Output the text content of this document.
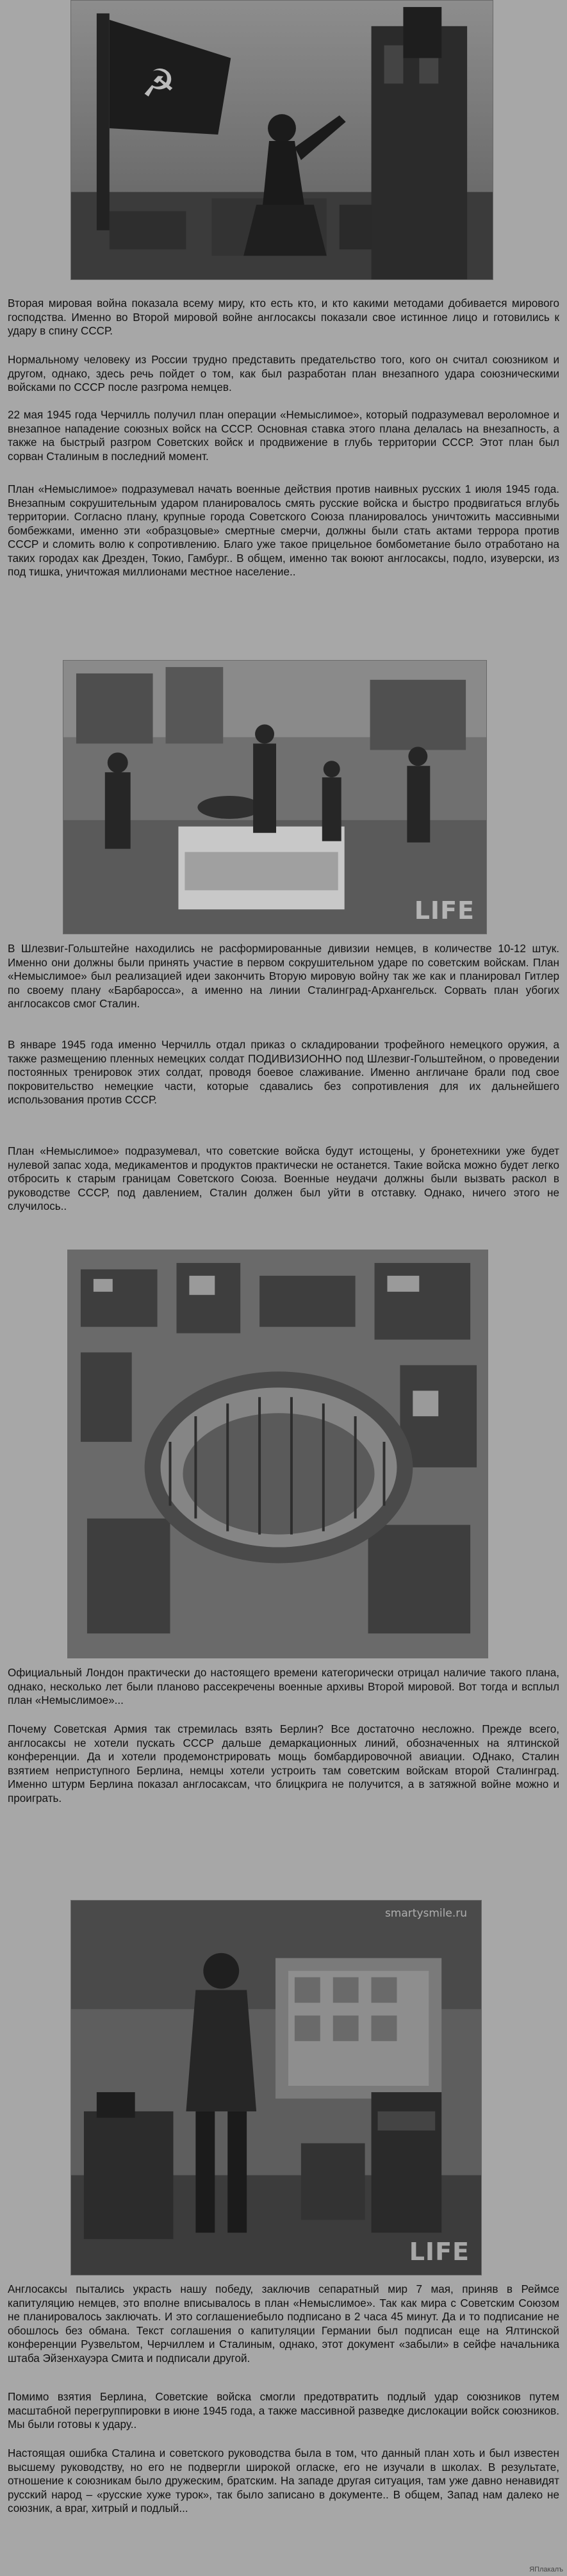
☭
LIFE
smartysmile.ru
LIFE

Вторая мировая война показала всему миру, кто есть кто, и кто какими методами добивается мирового господства. Именно во Второй мировой войне англосаксы показали свое истинное лицо и готовились к удару в спину СССР.

Нормальному человеку из России трудно представить предательство того, кого он считал союзником и другом, однако, здесь речь пойдет о том, как был разработан план внезапного удара союзническими войсками по СССР после разгрома немцев.

22 мая 1945 года Черчилль получил план операции «Немыслимое», который подразумевал вероломное и внезапное нападение союзных войск на СССР. Основная ставка этого плана делалась на внезапность, а также на быстрый разгром Советских войск и продвижение в глубь территории СССР. Этот план был сорван Сталиным в последний момент.

План «Немыслимое» подразумевал начать военные действия против наивных русских 1 июля 1945 года. Внезапным сокрушительным ударом планировалось смять русские войска и быстро продвигаться вглубь территории. Согласно плану, крупные города Советского Союза планировалось уничтожить массивными бомбежками, именно эти «образцовые» смертные смерчи, должны были стать актами террора против СССР и сломить волю к сопротивлению. Благо уже такое прицельное бомбометание было отработано на таких городах как Дрезден, Токио, Гамбург.. В общем, именно так воюют англосаксы, подло, изуверски, из под тишка, уничтожая миллионами местное население..

В Шлезвиг-Гольштейне находились не расформированные дивизии немцев, в количестве 10-12 штук. Именно они должны были принять участие в первом сокрушительном ударе по советским войскам. План «Немыслимое» был реализацией идеи закончить Вторую мировую войну так же как и планировал Гитлер по своему плану «Барбаросса», а именно на линии Сталинград-Архангельск. Сорвать план убогих англосаксов смог Сталин.

В январе 1945 года именно Черчилль отдал приказ о складировании трофейного немецкого оружия, а также размещению пленных немецких солдат ПОДИВИЗИОННО под Шлезвиг-Гольштейном, о проведении постоянных тренировок этих солдат, проводя боевое слаживание. Именно англичане брали под свое покровительство немецкие части, которые сдавались без сопротивления для их дальнейшего использования против СССР.

План «Немыслимое» подразумевал, что советские войска будут истощены, у бронетехники уже будет нулевой запас хода, медикаментов и продуктов практически не останется. Такие войска можно будет легко отбросить к старым границам Советского Союза. Военные неудачи должны были вызвать раскол в руководстве СССР, под давлением, Сталин должен был уйти в отставку. Однако, ничего этого не случилось..

Официальный Лондон практически до настоящего времени категорически отрицал наличие такого плана, однако, несколько лет были планово рассекречены военные архивы Второй мировой. Вот тогда и всплыл план «Немыслимое»...

Почему Советская Армия так стремилась взять Берлин? Все достаточно несложно. Прежде всего, англосаксы не хотели пускать СССР дальше демаркационных линий, обозначенных на ялтинской конференции. Да и хотели продемонстрировать мощь бомбардировочной авиации. ОДнако, Сталин взятием неприступного Берлина, немцы хотели устроить там советским войскам второй Сталинград. Именно штурм Берлина показал англосаксам, что блицкрига не получится, а в затяжной войне можно и проиграть.

Англосаксы пытались украсть нашу победу, заключив сепаратный мир 7 мая, приняв в Реймсе капитуляцию немцев, это вполне вписывалось в план «Немыслимое». Так как мира с Советским Союзом не планировалось заключать. И это соглашениебыло подписано в 2 часа 45 минут. Да и то подписание не обошлось без обмана. Текст соглашения о капитуляции Германии был подписан еще на Ялтинской конференции Рузвельтом, Черчиллем и Сталиным, однако, этот документ «забыли» в сейфе начальника штаба Эйзенхауэра Смита и подписали другой.

Помимо взятия Берлина, Советские войска смогли предотвратить подлый удар союзников путем масштабной перегруппировки в июне 1945 года, а также массивной разведке дислокации войск союзников. Мы были готовы к удару..

Настоящая ошибка Сталина и советского руководства была в том, что данный план хоть и был известен высшему руководству, но его не подвергли широкой огласке, его не изучали в школах. В результате, отношение к союзникам было дружеским, братским. На западе другая ситуация, там уже давно ненавидят русский народ – «русские хуже турок», так было записано в документе.. В общем, Запад нам далеко не союзник, а враг, хитрый и подлый...

ЯПлакалъ
